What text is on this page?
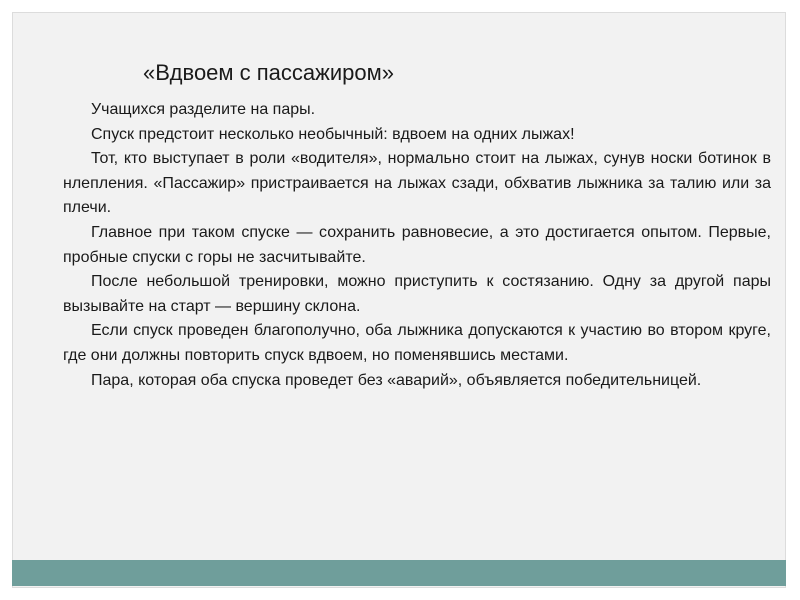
«Вдвоем с пассажиром»

Учащихся разделите на пары.

Спуск предстоит несколько необычный: вдвоем на одних лыжах!

Тот, кто выступает в роли «водителя», нормально стоит на лыжах, сунув носки ботинок в нлепления. «Пассажир» пристраивается на лыжах сзади, обхватив лыжника за талию или за плечи.

Главное при таком спуске — сохранить равновесие, а это достигается опытом. Первые, пробные спуски с горы не засчитывайте.

После небольшой тренировки, можно приступить к состязанию. Одну за другой пары вызывайте на старт — вершину склона.

Если спуск проведен благополучно, оба лыжника допускаются к участию во втором круге, где они должны повторить спуск вдвоем, но поменявшись местами.

Пара, которая оба спуска проведет без «аварий», объявляется победительницей.
